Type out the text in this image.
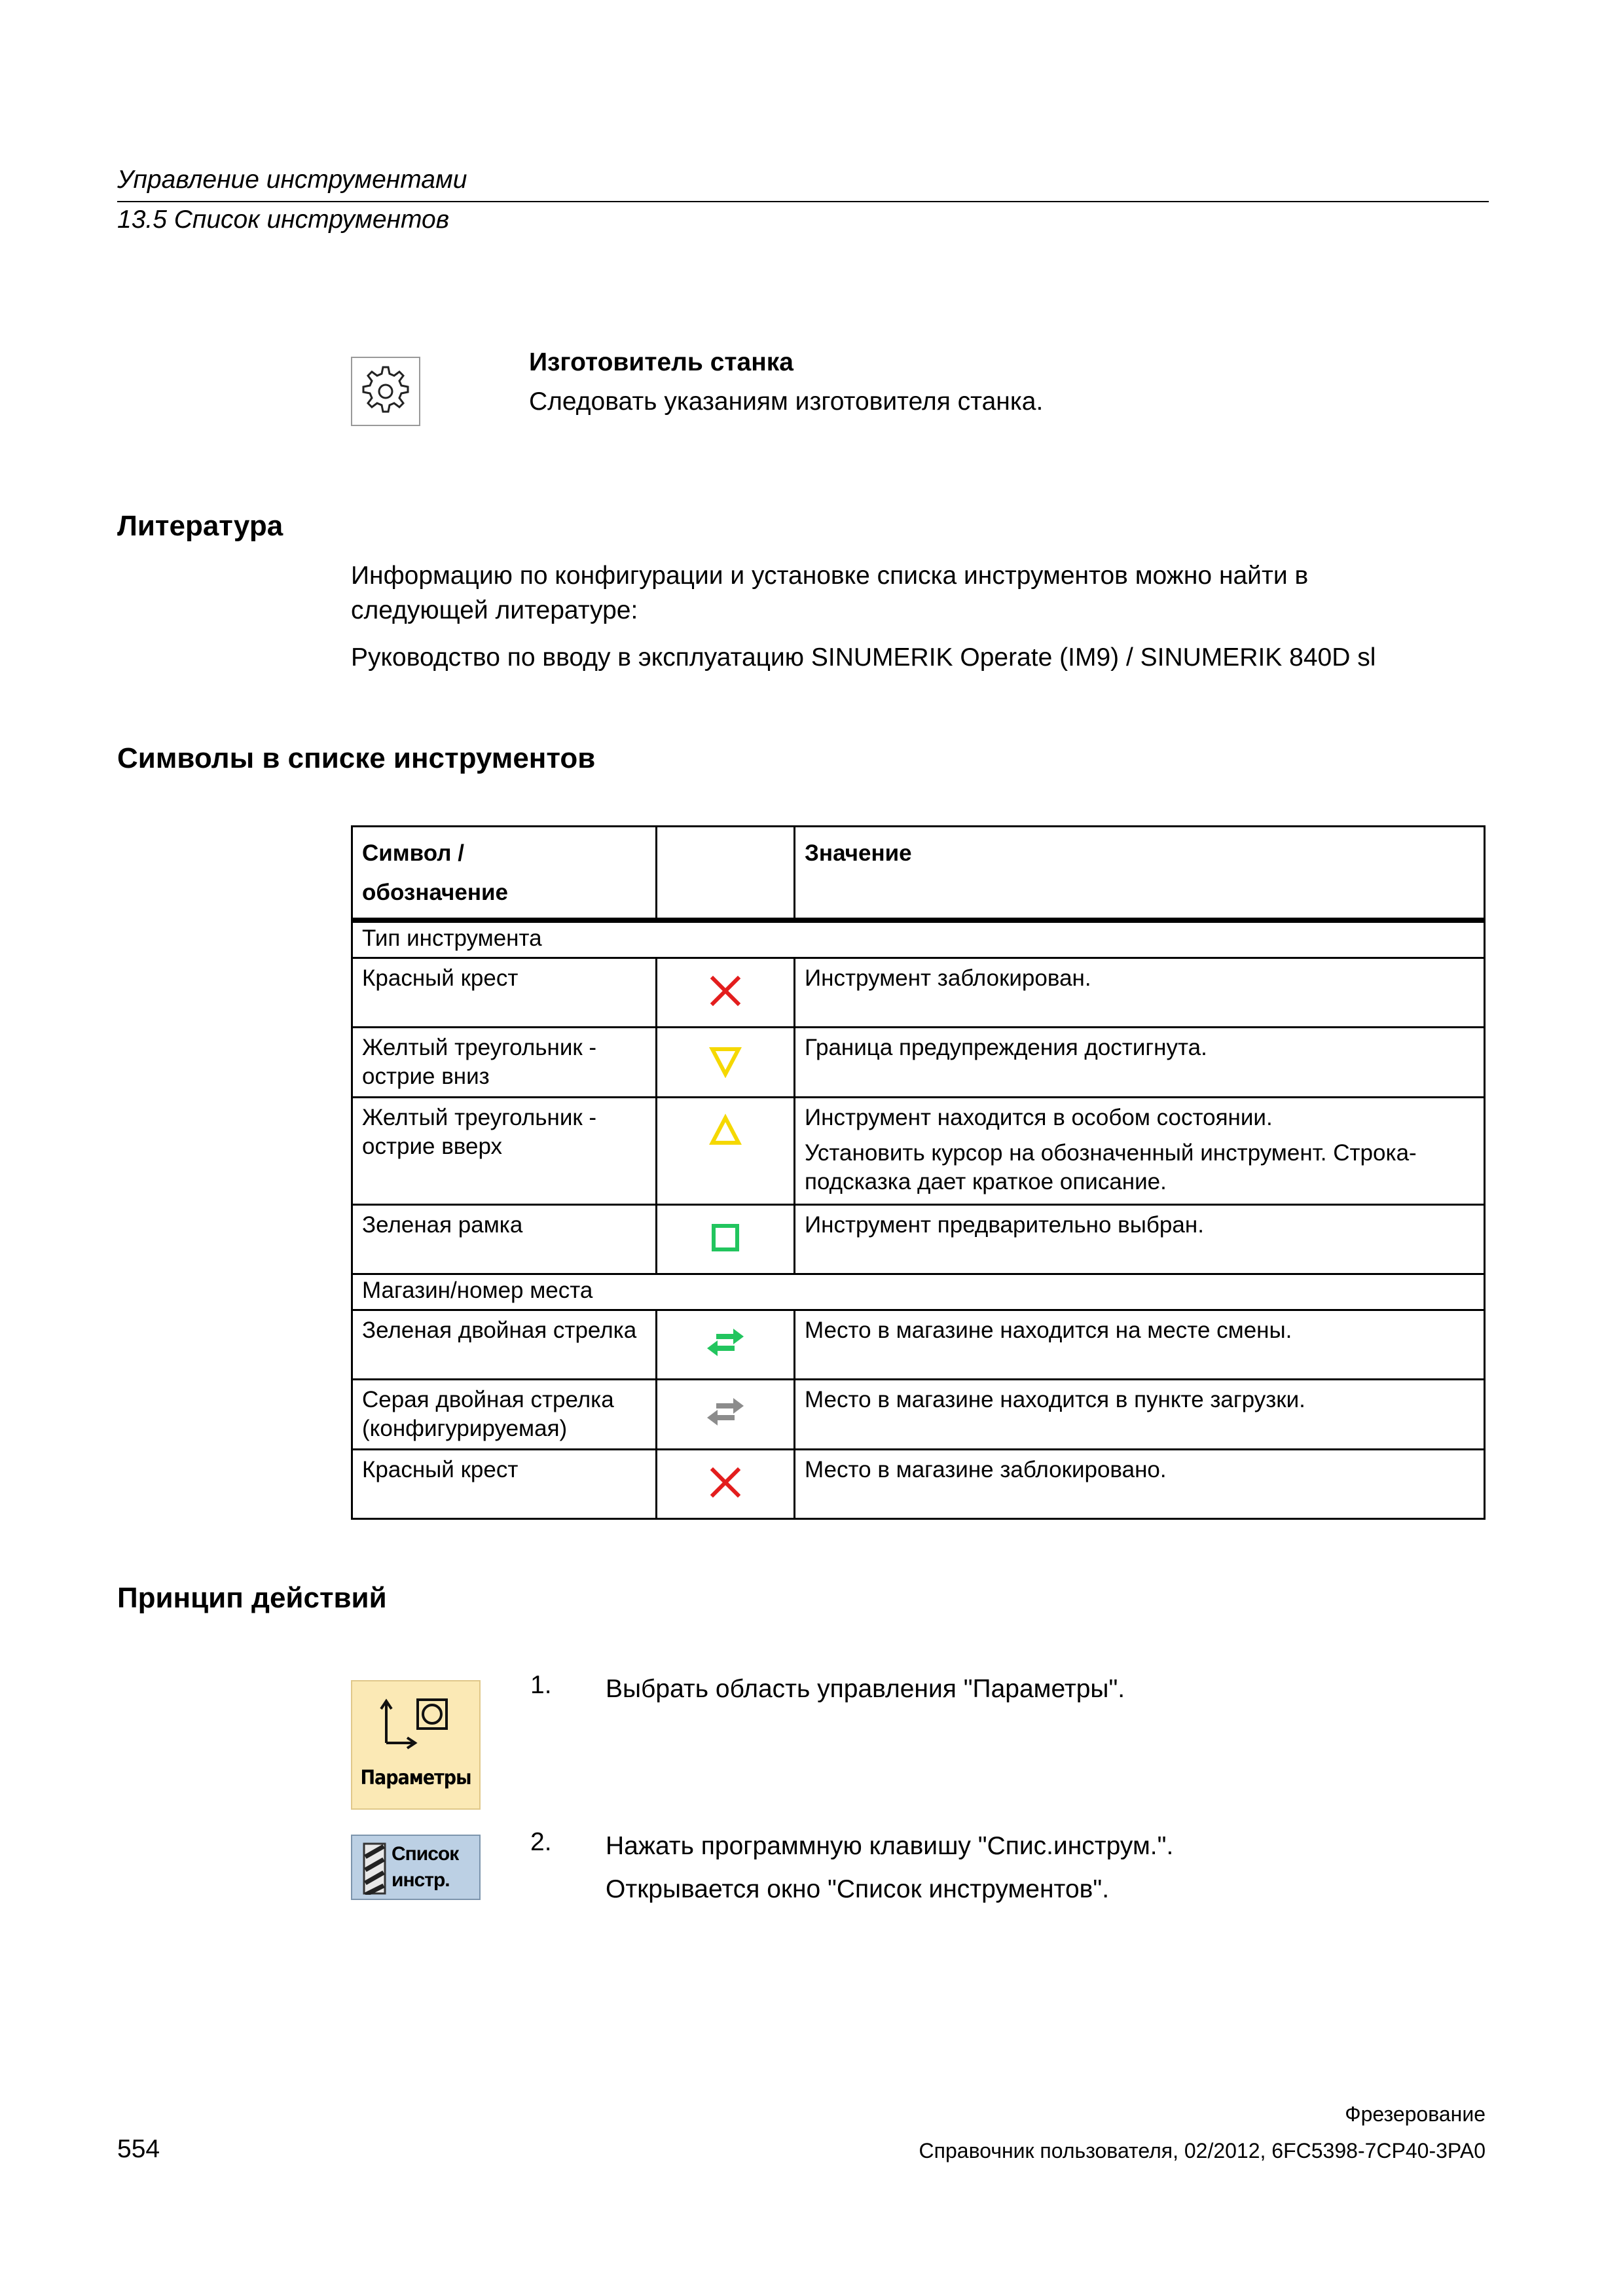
Управление инструментами
13.5 Список инструментов
Изготовитель станка
Следовать указаниям изготовителя станка.
Литература
Информацию по конфигурации и установке списка инструментов можно найти в
следующей литературе:
Руководство по вводу в эксплуатацию SINUMERIK Operate (IM9) / SINUMERIK 840D sl
Символы в списке инструментов
Символ /
обозначение		Значение
Тип инструмента		
Красный крест		Инструмент заблокирован.
Желтый треугольник - острие вниз		Граница предупреждения достигнута.
Желтый треугольник - острие вверх		Инструмент находится в особом состоянии.
Установить курсор на обозначенный инструмент. Строка-подсказка дает краткое описание.

Зеленая рамка		Инструмент предварительно выбран.
Магазин/номер места		
Зеленая двойная стрелка		Место в магазине находится на месте смены.
Серая двойная стрелка (конфигурируемая)		Место в магазине находится в пункте загрузки.
Красный крест		Место в магазине заблокировано.
Принцип действий
Параметры
1. Выбрать область управления "Параметры".
Список
инстр.
2. Нажать программную клавишу "Спис.инструм.".
Открывается окно "Список инструментов".
Фрезерование
554	Справочник пользователя, 02/2012, 6FC5398-7CP40-3PA0
